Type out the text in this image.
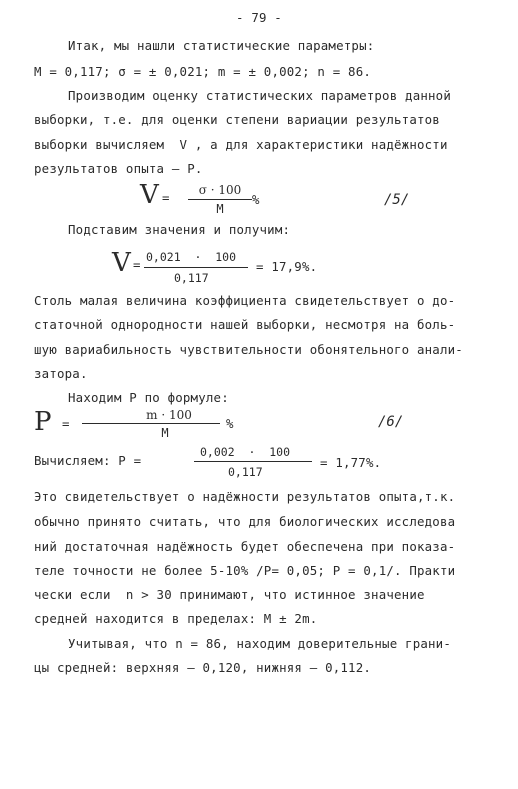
- 79 -
Итак, мы нашли статистические параметры:
М = 0,117; σ = ± 0,021; m = ± 0,002; n = 86.
Производим оценку статистических параметров данной
выборки, т.е. для оценки степени вариации результатов
выборки вычисляем  V , а для характеристики надёжности
результатов опыта – Р.
V =	σ · 100
M
%	/5/
Подставим значения и получим:
V = 0,021  ·  100
0,117
= 17,9%.
Столь малая величина коэффициента свидетельствует о до-
статочной однородности нашей выборки, несмотря на боль-
шую вариабильность чувствительности обонятельного анали-
затора.
Находим Р по формуле:
P =
m · 100
M
%	/6/
Вычисляем: Р =
0,002  ·  100
0,117
= 1,77%.
Это свидетельствует о надёжности результатов опыта,т.к.
обычно принято считать, что для биологических исследова
ний достаточная надёжность будет обеспечена при показа-
теле точности не более 5-10% /Р= 0,05; Р = 0,1/. Практи
чески если  n > 30 принимают, что истинное значение
средней находится в пределах: М ± 2m.
Учитывая, что n = 86, находим доверительные грани-
цы средней: верхняя – 0,120, нижняя – 0,112.
